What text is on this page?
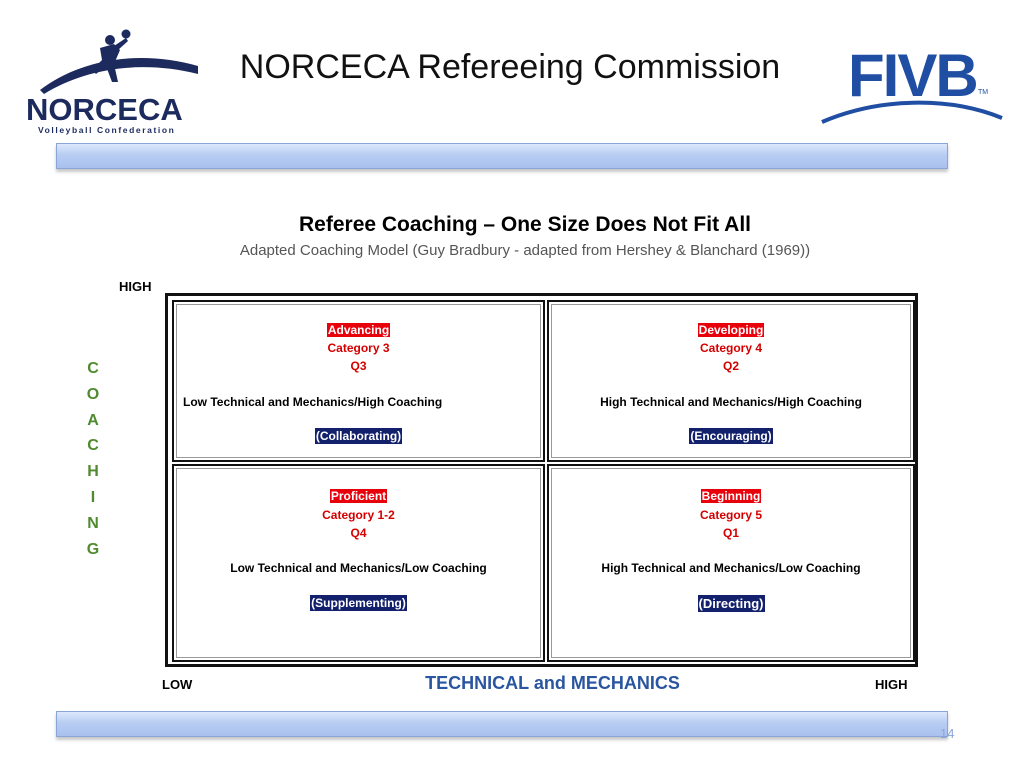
NORCECA
Volleyball Confederation
NORCECA Refereeing Commission FIVB TM
Referee Coaching – One Size Does Not Fit All
Adapted Coaching Model (Guy Bradbury - adapted from Hershey & Blanchard (1969))
HIGH
C
O
A
C
H
I
N
G
Advancing
Category 3
Q3
Low Technical and Mechanics/High Coaching
(Collaborating)
Developing
Category 4
Q2
High Technical and Mechanics/High Coaching
(Encouraging)
Proficient
Category 1-2
Q4
Low Technical and Mechanics/Low Coaching
(Supplementing)
Beginning
Category 5
Q1
High Technical and Mechanics/Low Coaching
(Directing)
LOW	TECHNICAL and MECHANICS	HIGH
14
